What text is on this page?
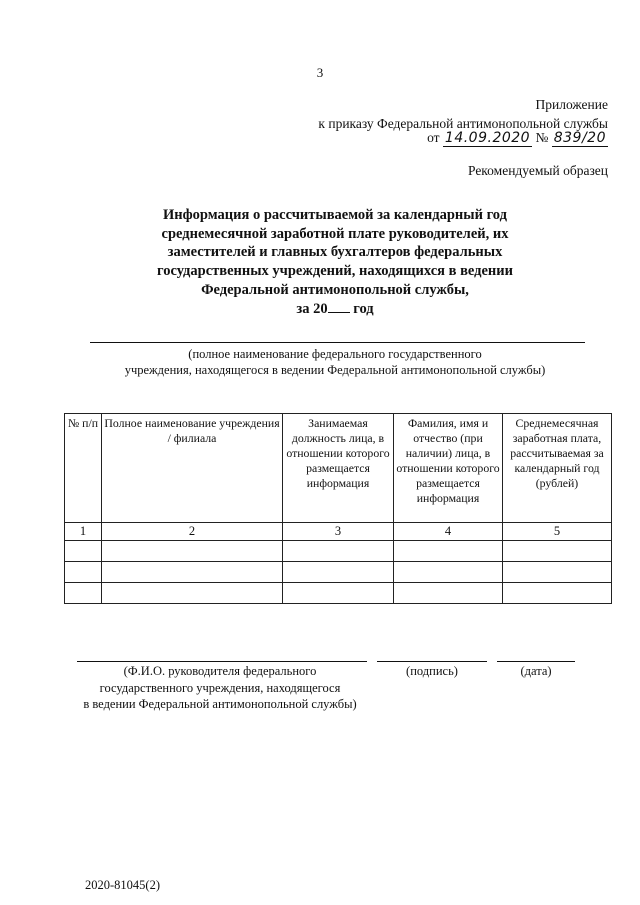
3
Приложение
к приказу Федеральной антимонопольной службы
от 14.09.2020 № 839/20
Рекомендуемый образец
Информация о рассчитываемой за календарный год
среднемесячной заработной плате руководителей, их
заместителей и главных бухгалтеров федеральных
государственных учреждений, находящихся в ведении
Федеральной антимонопольной службы,
за 20 год
(полное наименование федерального государственного
учреждения, находящегося в ведении Федеральной антимонопольной службы)
№ п/п	Полное наименование учреждения / филиала	Занимаемая должность лица, в отношении которого размещается информация	Фамилия, имя и отчество (при наличии) лица, в отношении которого размещается информация	Среднемесячная заработная плата, рассчитываемая за календарный год (рублей)
1	2	3	4	5

(Ф.И.О. руководителя федерального
государственного учреждения, находящегося
в ведении Федеральной антимонопольной службы)
(подпись)	(дата)
2020-81045(2)
